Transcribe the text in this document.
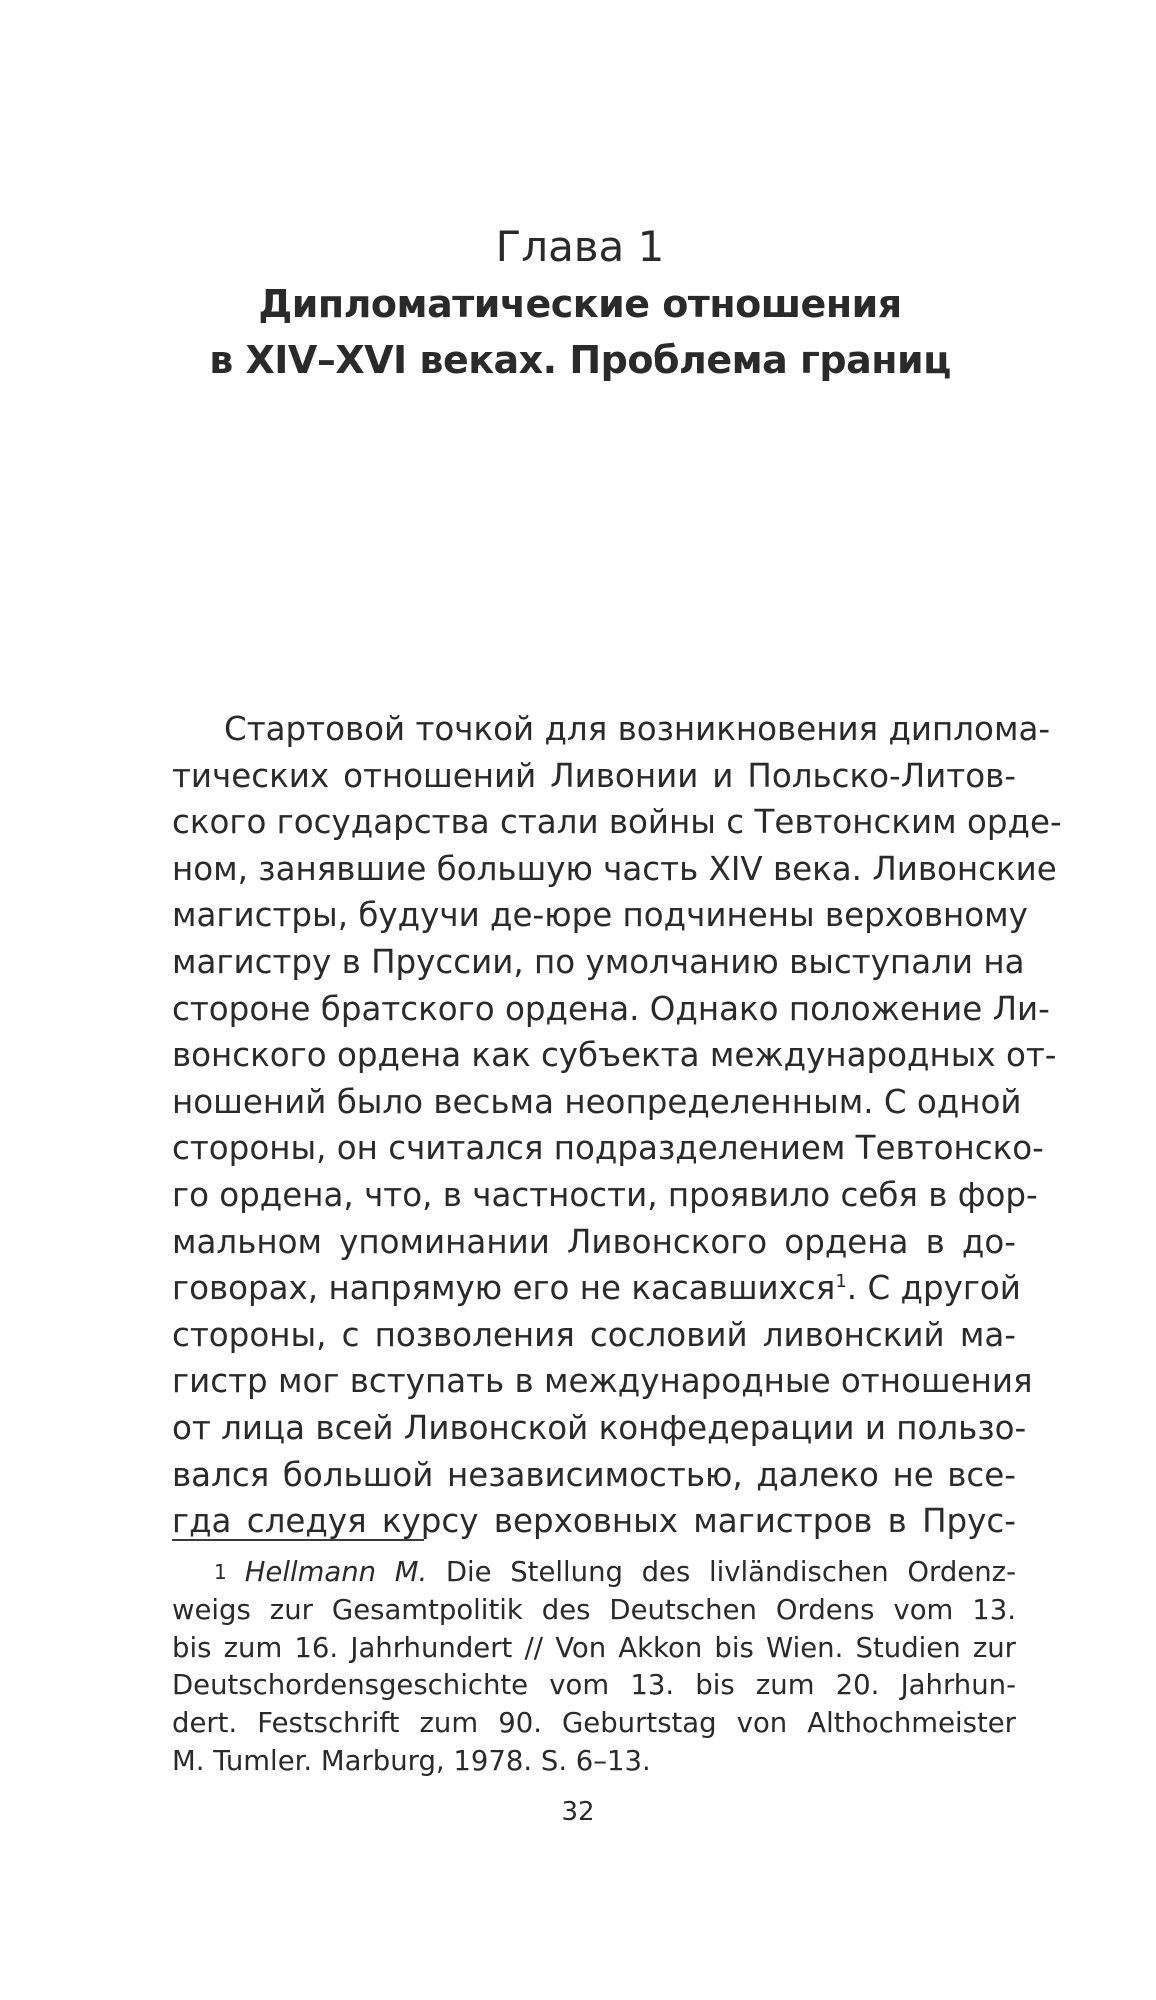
Глава 1

Дипломатические отношения

в XIV–XVI веках. Проблема границ

Стартовой точкой для возникновения диплома-
тических отношений Ливонии и Польско-Литов-
ского государства стали войны с Тевтонским орде-
ном, занявшие большую часть XIV века. Ливонские
магистры, будучи де-юре подчинены верховному
магистру в Пруссии, по умолчанию выступали на
стороне братского ордена. Однако положение Ли-
вонского ордена как субъекта международных от-
ношений было весьма неопределенным. С одной
стороны, он считался подразделением Тевтонско-
го ордена, что, в частности, проявило себя в фор-
мальном упоминании Ливонского ордена в до-
говорах, напрямую его не касавшихся$^1$. С другой
стороны, с позволения сословий ливонский ма-
гистр мог вступать в международные отношения
от лица всей Ливонской конфедерации и пользо-
вался большой независимостью, далеко не все-
гда следуя курсу верховных магистров в Прус-
$^1$ Hellmann M. Die Stellung des livländischen Ordenz-
weigs zur Gesamtpolitik des Deutschen Ordens vom 13.
bis zum 16. Jahrhundert // Von Akkon bis Wien. Studien zur
Deutschordensgeschichte vom 13. bis zum 20. Jahrhun-
dert. Festschrift zum 90. Geburtstag von Althochmeister
M. Tumler. Marburg, 1978. S. 6–13.
32
